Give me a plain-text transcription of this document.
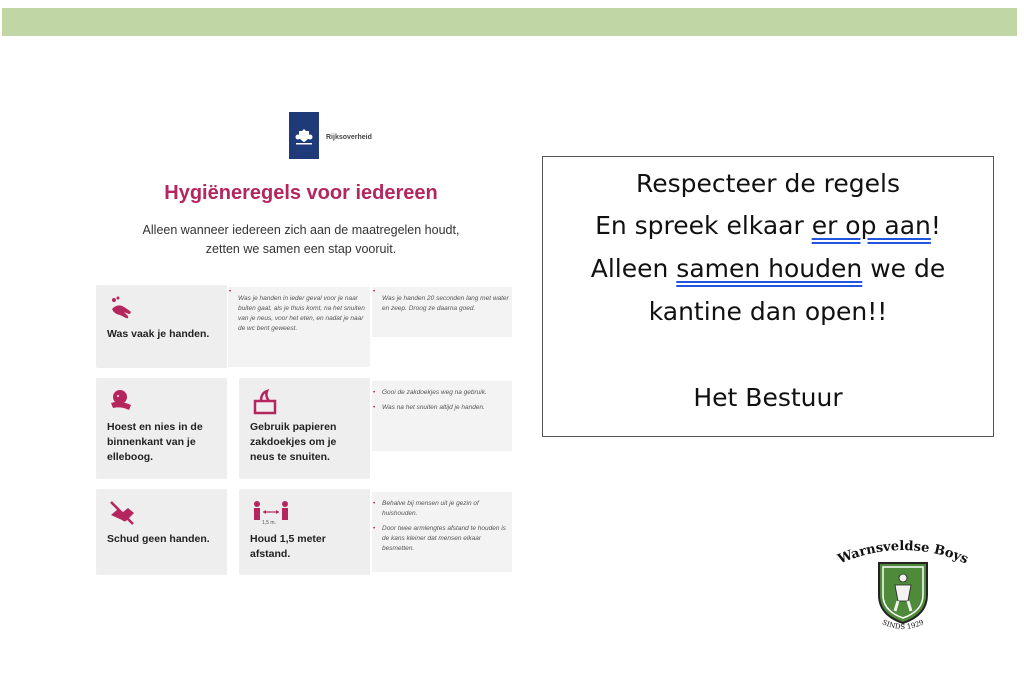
Rijksoverheid
Hygiëneregels voor iedereen
Alleen wanneer iedereen zich aan de maatregelen houdt,
zetten we samen een stap vooruit.
Was vaak je handen.
• Was je handen in ieder geval voor je naar buiten gaat, als je thuis komt, na het snuiten van je neus, voor het eten, en nadat je naar de wc bent geweest.
• Was je handen 20 seconden lang met water en zeep. Droog ze daarna goed.
Hoest en nies in de binnenkant van je elleboog.
Gebruik papieren zakdoekjes om je neus te snuiten.
• Gooi de zakdoekjes weg na gebruik.
• Was na het snuiten altijd je handen.
Schud geen handen.
1,5 m.
Houd 1,5 meter afstand.
• Behalve bij mensen uit je gezin of huishouden.
• Door twee armlengtes afstand te houden is de kans kleiner dat mensen elkaar besmetten.
Respecteer de regels
En spreek elkaar er op aan!
Alleen samen houden we de
kantine dan open!!
Het Bestuur
Warnsveldse Boys
SINDS 1929
